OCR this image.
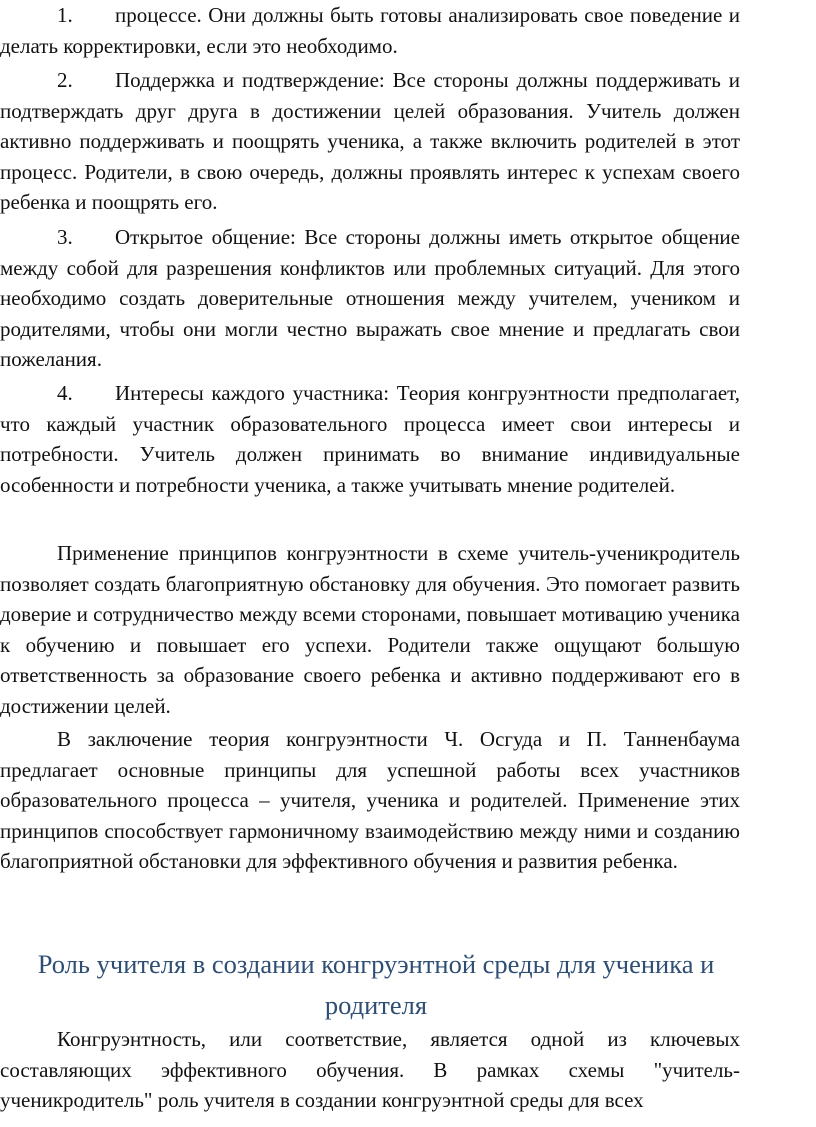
1. процессе. Они должны быть готовы анализировать свое поведение и делать корректировки, если это необходимо.

2. Поддержка и подтверждение: Все стороны должны поддерживать и подтверждать друг друга в достижении целей образования. Учитель должен активно поддерживать и поощрять ученика, а также включить родителей в этот процесс. Родители, в свою очередь, должны проявлять интерес к успехам своего ребенка и поощрять его.

3. Открытое общение: Все стороны должны иметь открытое общение между собой для разрешения конфликтов или проблемных ситуаций. Для этого необходимо создать доверительные отношения между учителем, учеником и родителями, чтобы они могли честно выражать свое мнение и предлагать свои пожелания.

4. Интересы каждого участника: Теория конгруэнтности предполагает, что каждый участник образовательного процесса имеет свои интересы и потребности. Учитель должен принимать во внимание индивидуальные особенности и потребности ученика, а также учитывать мнение родителей.

Применение принципов конгруэнтности в схеме учитель-ученикродитель позволяет создать благоприятную обстановку для обучения. Это помогает развить доверие и сотрудничество между всеми сторонами, повышает мотивацию ученика к обучению и повышает его успехи. Родители также ощущают большую ответственность за образование своего ребенка и активно поддерживают его в достижении целей.

В заключение теория конгруэнтности Ч. Осгуда и П. Танненбаума предлагает основные принципы для успешной работы всех участников образовательного процесса – учителя, ученика и родителей. Применение этих принципов способствует гармоничному взаимодействию между ними и созданию благоприятной обстановки для эффективного обучения и развития ребенка.

Роль учителя в создании конгруэнтной среды для ученика и родителя

Конгруэнтность, или соответствие, является одной из ключевых составляющих эффективного обучения. В рамках схемы "учитель-ученикродитель" роль учителя в создании конгруэнтной среды для всех
